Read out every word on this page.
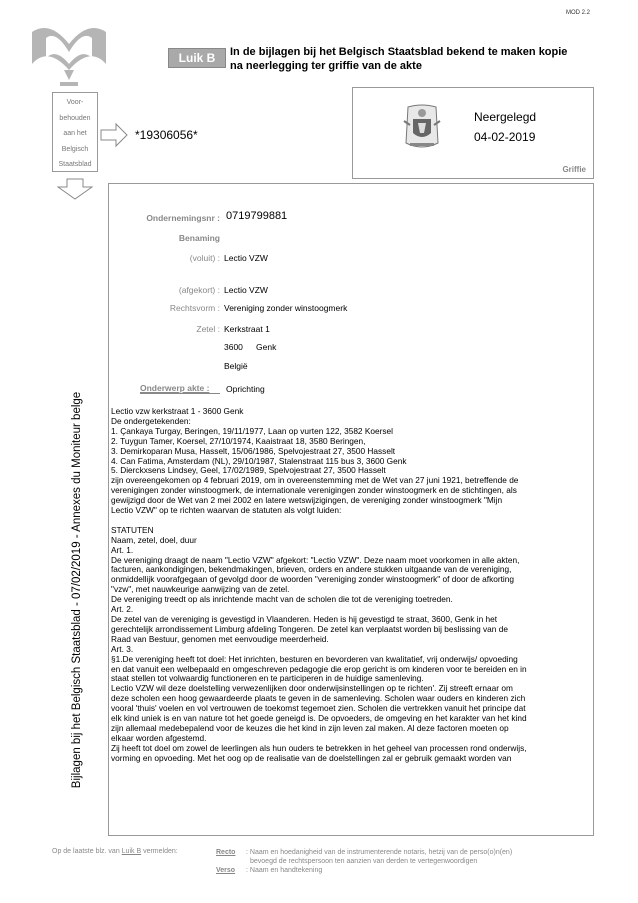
MOD 2.2
Luik B	In de bijlagen bij het Belgisch Staatsblad bekend te maken kopie
na neerlegging ter griffie van de akte
Voor-
behouden
aan het
Belgisch
Staatsblad
*19306056*
Neergelegd
04-02-2019
Griffie
Bijlagen bij het Belgisch Staatsblad - 07/02/2019 - Annexes du Moniteur belge
Ondernemingsnr : 0719799881
Benaming
(voluit) : Lectio VZW
(afgekort) : Lectio VZW
Rechtsvorm : Vereniging zonder winstoogmerk
Zetel : Kerkstraat 1
3600 Genk
België
Onderwerp akte : Oprichting
Lectio vzw kerkstraat 1 - 3600 Genk
De ondergetekenden:
1. Çankaya Turgay, Beringen, 19/11/1977, Laan op vurten 122, 3582 Koersel
2. Tuygun Tamer, Koersel, 27/10/1974, Kaaistraat 18, 3580 Beringen,
3. Demirkoparan Musa, Hasselt, 15/06/1986, Spelvojestraat 27, 3500 Hasselt
4. Can Fatima, Amsterdam (NL), 29/10/1987, Stalenstraat 115 bus 3, 3600 Genk
5. Dierckxsens Lindsey, Geel, 17/02/1989, Spelvojestraat 27, 3500 Hasselt
zijn overeengekomen op 4 februari 2019, om in overeenstemming met de Wet van 27 juni 1921, betreffende de
verenigingen zonder winstoogmerk, de internationale verenigingen zonder winstoogmerk en de stichtingen, als
gewijzigd door de Wet van 2 mei 2002 en latere wetswijzigingen, de vereniging zonder winstoogmerk "Mijn
Lectio VZW" op te richten waarvan de statuten als volgt luiden:
STATUTEN
Naam, zetel, doel, duur
Art. 1.
De vereniging draagt de naam "Lectio VZW" afgekort: "Lectio VZW". Deze naam moet voorkomen in alle akten,
facturen, aankondigingen, bekendmakingen, brieven, orders en andere stukken uitgaande van de vereniging,
onmiddellijk voorafgegaan of gevolgd door de woorden "vereniging zonder winstoogmerk" of door de afkorting
"vzw", met nauwkeurige aanwijzing van de zetel.
De vereniging treedt op als inrichtende macht van de scholen die tot de vereniging toetreden.
Art. 2.
De zetel van de vereniging is gevestigd in Vlaanderen. Heden is hij gevestigd te straat, 3600, Genk in het
gerechtelijk arrondissement Limburg afdeling Tongeren. De zetel kan verplaatst worden bij beslissing van de
Raad van Bestuur, genomen met eenvoudige meerderheid.
Art. 3.
§1.De vereniging heeft tot doel: Het inrichten, besturen en bevorderen van kwalitatief, vrij onderwijs/ opvoeding
en dat vanuit een welbepaald en omgeschreven pedagogie die erop gericht is om kinderen voor te bereiden en in
staat stellen tot volwaardig functioneren en te participeren in de huidige samenleving.
Lectio VZW wil deze doelstelling verwezenlijken door onderwijsinstellingen op te richten'. Zij streeft ernaar om
deze scholen een hoog gewaardeerde plaats te geven in de samenleving. Scholen waar ouders en kinderen zich
vooral 'thuis' voelen en vol vertrouwen de toekomst tegemoet zien. Scholen die vertrekken vanuit het principe dat
elk kind uniek is en van nature tot het goede geneigd is. De opvoeders, de omgeving en het karakter van het kind
zijn allemaal medebepalend voor de keuzes die het kind in zijn leven zal maken. Al deze factoren moeten op
elkaar worden afgestemd.
Zij heeft tot doel om zowel de leerlingen als hun ouders te betrekken in het geheel van processen rond onderwijs,
vorming en opvoeding. Met het oog op de realisatie van de doelstellingen zal er gebruik gemaakt worden van
Op de laatste blz. van Luik B vermelden:	Recto : Naam en hoedanigheid van de instrumenterende notaris, hetzij van de perso(o)n(en)
bevoegd de rechtspersoon ten aanzien van derden te vertegenwoordigen
Verso : Naam en handtekening
